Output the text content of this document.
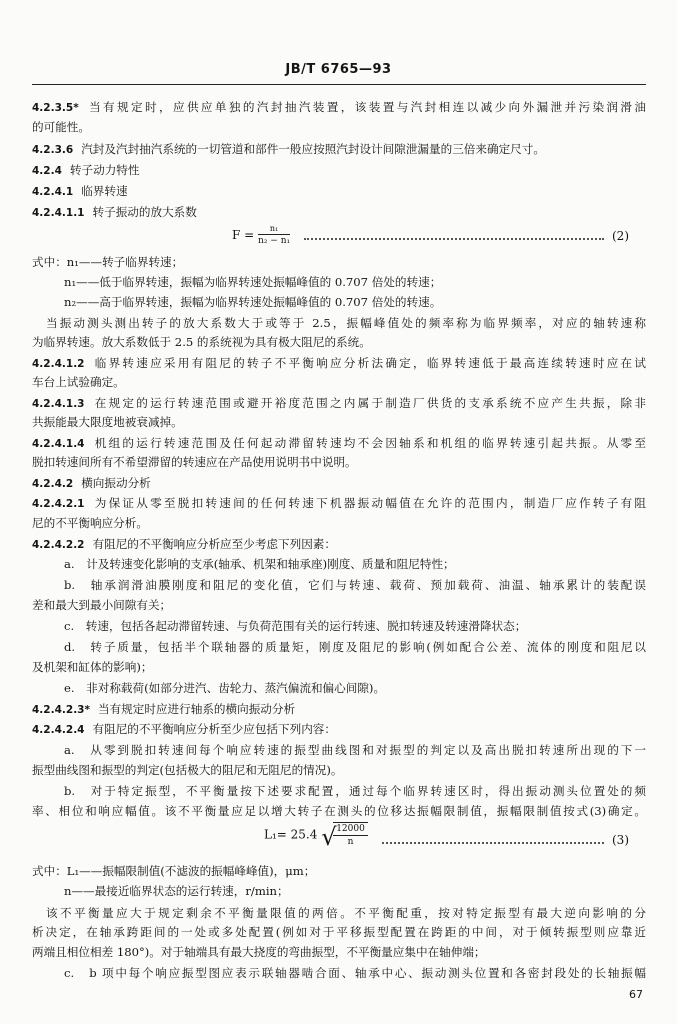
JB/T 6765—93
4.2.3.5* 当有规定时，应供应单独的汽封抽汽装置，该装置与汽封相连以减少向外漏泄并污染润滑油
的可能性。
4.2.3.6 汽封及汽封抽汽系统的一切管道和部件一般应按照汽封设计间隙泄漏量的三倍来确定尺寸。
4.2.4 转子动力特性
4.2.4.1 临界转速
4.2.4.1.1 转子振动的放大系数
$F = \frac{\text{n₁}}{\text{n₂ − n₁}}$	(2)
式中：n₁——转子临界转速；
n₁——低于临界转速，振幅为临界转速处振幅峰值的 0.707 倍处的转速；
n₂——高于临界转速，振幅为临界转速处振幅峰值的 0.707 倍处的转速。
当振动测头测出转子的放大系数大于或等于 2.5，振幅峰值处的频率称为临界频率，对应的轴转速称
为临界转速。放大系数低于 2.5 的系统视为具有极大阻尼的系统。
4.2.4.1.2 临界转速应采用有阻尼的转子不平衡响应分析法确定，临界转速低于最高连续转速时应在试
车台上试验确定。
4.2.4.1.3 在规定的运行转速范围或避开裕度范围之内属于制造厂供货的支承系统不应产生共振，除非
共振能最大限度地被衰减掉。
4.2.4.1.4 机组的运行转速范围及任何起动滞留转速均不会因轴系和机组的临界转速引起共振。从零至
脱扣转速间所有不希望滞留的转速应在产品使用说明书中说明。
4.2.4.2 横向振动分析
4.2.4.2.1 为保证从零至脱扣转速间的任何转速下机器振动幅值在允许的范围内，制造厂应作转子有阻
尼的不平衡响应分析。
4.2.4.2.2 有阻尼的不平衡响应分析应至少考虑下列因素：
a.　计及转速变化影响的支承(轴承、机架和轴承座)刚度、质量和阻尼特性；
b.　轴承润滑油膜刚度和阻尼的变化值，它们与转速、载荷、预加载荷、油温、轴承累计的装配误
差和最大到最小间隙有关；
c.　转速，包括各起动滞留转速、与负荷范围有关的运行转速、脱扣转速及转速滑降状态；
d.　转子质量，包括半个联轴器的质量矩，刚度及阻尼的影响(例如配合公差、流体的刚度和阻尼以
及机架和缸体的影响)；
e.　非对称载荷(如部分进汽、齿轮力、蒸汽偏流和偏心间隙)。
4.2.4.2.3* 当有规定时应进行轴系的横向振动分析
4.2.4.2.4 有阻尼的不平衡响应分析至少应包括下列内容：
a.　从零到脱扣转速间每个响应转速的振型曲线图和对振型的判定以及高出脱扣转速所出现的下一
振型曲线图和振型的判定(包括极大的阻尼和无阻尼的情况)。
b.　对于特定振型，不平衡量按下述要求配置，通过每个临界转速区时，得出振动测头位置处的频
率、相位和响应幅值。该不平衡量应足以增大转子在测头的位移达振幅限制值，振幅限制值按式(3)确定。
L₁= 25.4 √
$\frac{12000}{n}$	(3)
式中：L₁——振幅限制值(不滤波的振幅峰峰值)，μm；
n——最接近临界状态的运行转速，r/min；
该不平衡量应大于规定剩余不平衡量限值的两倍。不平衡配重，按对特定振型有最大逆向影响的分
析决定，在轴承跨距间的一处或多处配置(例如对于平移振型配置在跨距的中间，对于倾转振型则应靠近
两端且相位相差 180°)。对于轴端具有最大挠度的弯曲振型，不平衡量应集中在轴伸端；
c.　b 项中每个响应振型图应表示联轴器啮合面、轴承中心、振动测头位置和各密封段处的长轴振幅
67
